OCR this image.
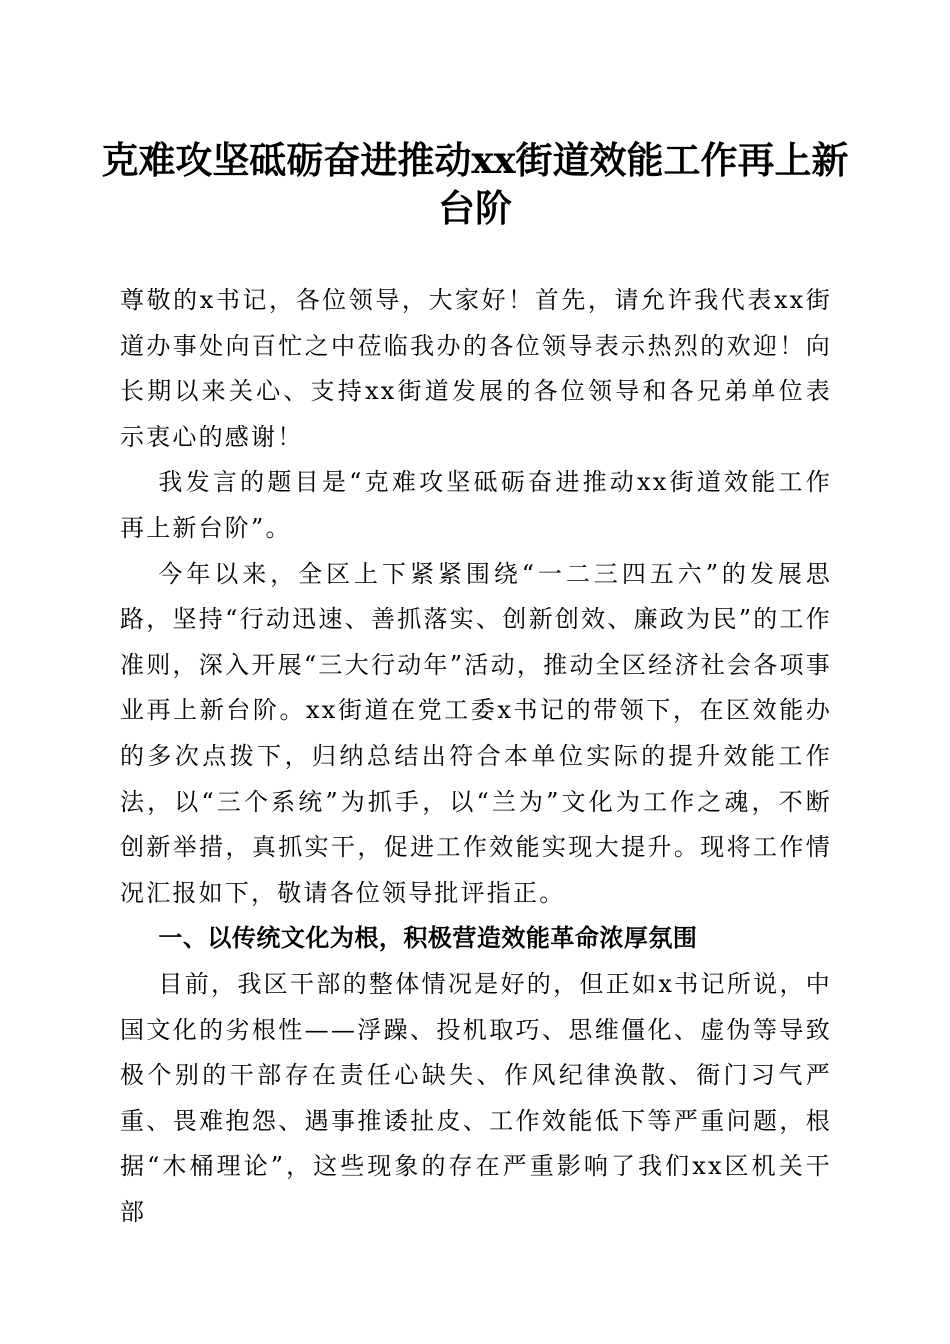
克难攻坚砥砺奋进推动xx街道效能工作再上新台阶

尊敬的x书记，各位领导，大家好！首先，请允许我代表xx街道办事处向百忙之中莅临我办的各位领导表示热烈的欢迎！向长期以来关心、支持xx街道发展的各位领导和各兄弟单位表示衷心的感谢！

我发言的题目是“克难攻坚砥砺奋进推动xx街道效能工作再上新台阶”。

今年以来，全区上下紧紧围绕“一二三四五六”的发展思路，坚持“行动迅速、善抓落实、创新创效、廉政为民”的工作准则，深入开展“三大行动年”活动，推动全区经济社会各项事业再上新台阶。xx街道在党工委x书记的带领下，在区效能办的多次点拨下，归纳总结出符合本单位实际的提升效能工作法，以“三个系统”为抓手，以“兰为”文化为工作之魂，不断创新举措，真抓实干，促进工作效能实现大提升。现将工作情况汇报如下，敬请各位领导批评指正。

一、以传统文化为根，积极营造效能革命浓厚氛围

目前，我区干部的整体情况是好的，但正如x书记所说，中国文化的劣根性——浮躁、投机取巧、思维僵化、虚伪等导致极个别的干部存在责任心缺失、作风纪律涣散、衙门习气严重、畏难抱怨、遇事推诿扯皮、工作效能低下等严重问题，根据“木桶理论”，这些现象的存在严重影响了我们xx区机关干部
